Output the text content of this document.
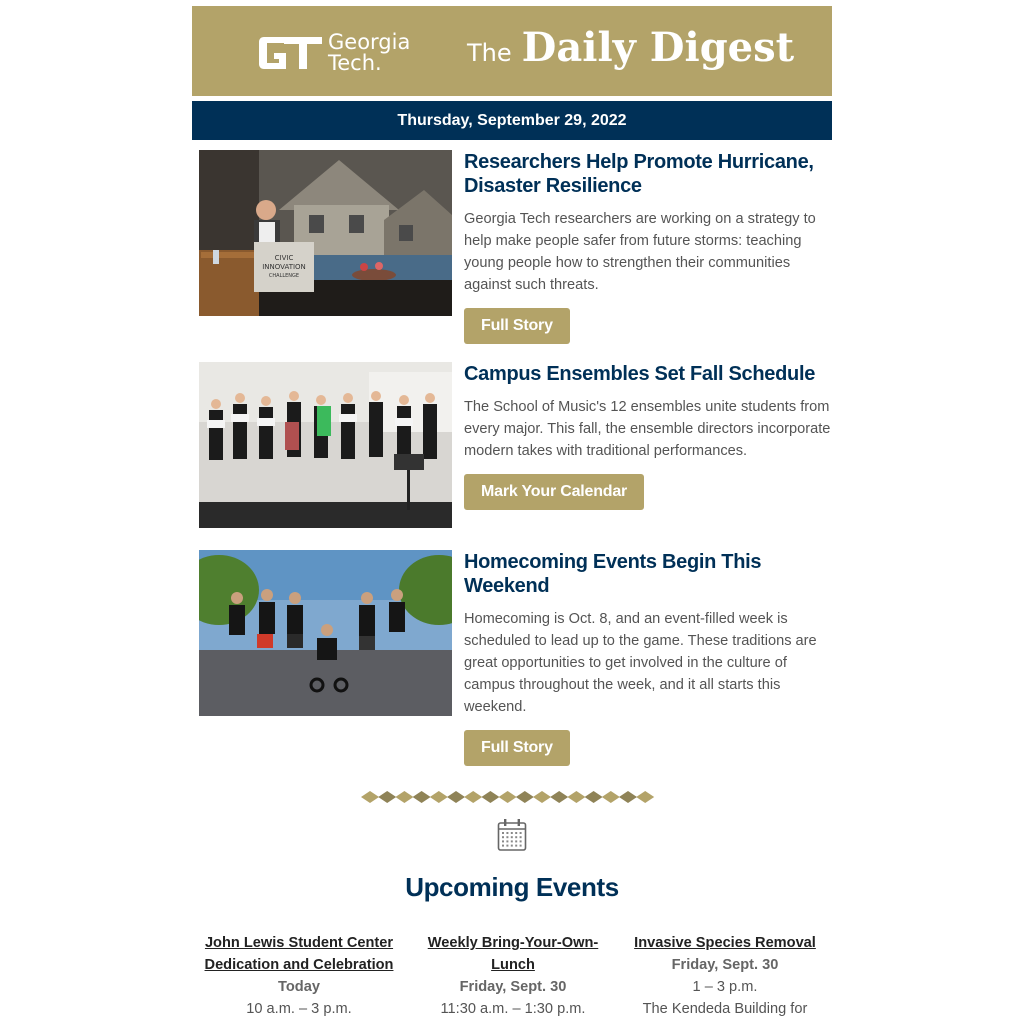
Georgia
Tech.	The Daily Digest
Thursday, September 29, 2022
CIVIC
INNOVATION
CHALLENGE
Researchers Help Promote Hurricane, Disaster Resilience

Georgia Tech researchers are working on a strategy to help make people safer from future storms: teaching young people how to strengthen their communities against such threats.

Full Story
Campus Ensembles Set Fall Schedule

The School of Music's 12 ensembles unite students from every major. This fall, the ensemble directors incorporate modern takes with traditional performances.

Mark Your Calendar
Homecoming Events Begin This Weekend

Homecoming is Oct. 8, and an event-filled week is scheduled to lead up to the game. These traditions are great opportunities to get involved in the culture of campus throughout the week, and it all starts this weekend.

Full Story
Upcoming Events
John Lewis Student Center Dedication and Celebration
Today
10 a.m. – 3 p.m.
Weekly Bring-Your-Own-Lunch
Friday, Sept. 30
11:30 a.m. – 1:30 p.m.
Invasive Species Removal
Friday, Sept. 30
1 – 3 p.m.
The Kendeda Building for
